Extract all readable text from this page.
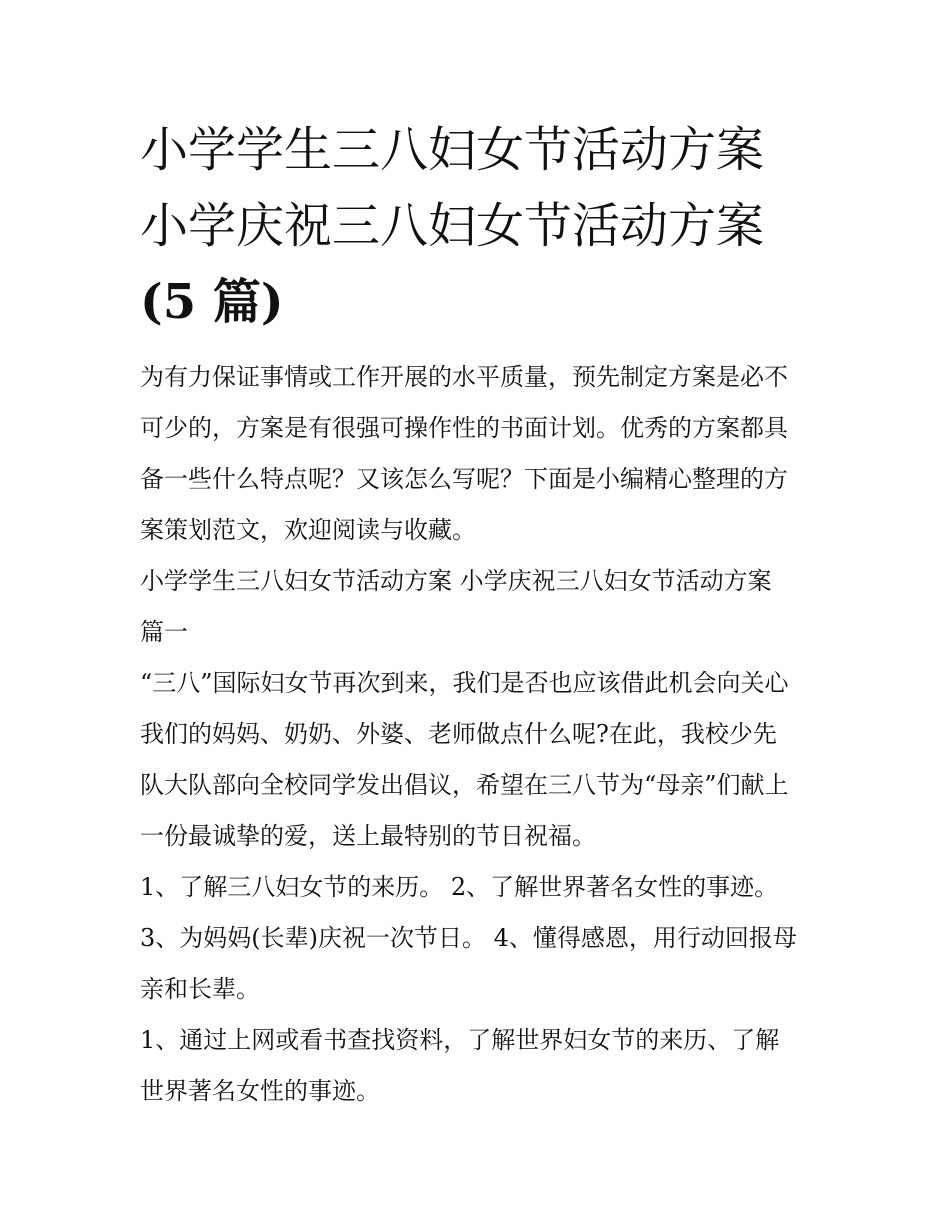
小学学生三八妇女节活动方案
小学庆祝三八妇女节活动方案
(5 篇)
为有力保证事情或工作开展的水平质量，预先制定方案是必不
可少的，方案是有很强可操作性的书面计划。优秀的方案都具
备一些什么特点呢？又该怎么写呢？下面是小编精心整理的方
案策划范文，欢迎阅读与收藏。
小学学生三八妇女节活动方案 小学庆祝三八妇女节活动方案
篇一
“三八”国际妇女节再次到来，我们是否也应该借此机会向关心
我们的妈妈、奶奶、外婆、老师做点什么呢?在此，我校少先
队大队部向全校同学发出倡议，希望在三八节为“母亲”们献上
一份最诚挚的爱，送上最特别的节日祝福。
1、了解三八妇女节的来历。 2、了解世界著名女性的事迹。
3、为妈妈(长辈)庆祝一次节日。 4、懂得感恩，用行动回报母
亲和长辈。
1、通过上网或看书查找资料，了解世界妇女节的来历、了解
世界著名女性的事迹。
